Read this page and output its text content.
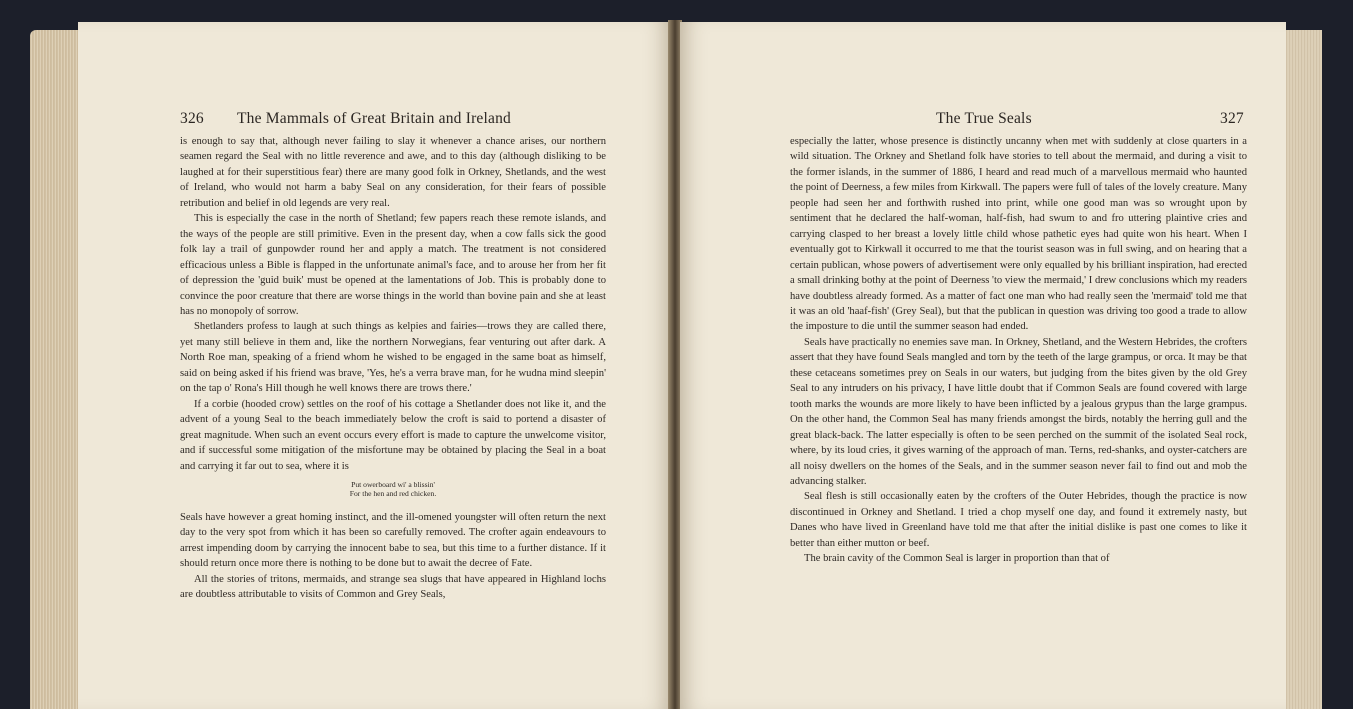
326 The Mammals of Great Britain and Ireland

is enough to say that, although never failing to slay it whenever a chance arises, our northern seamen regard the Seal with no little reverence and awe, and to this day (although disliking to be laughed at for their superstitious fear) there are many good folk in Orkney, Shetlands, and the west of Ireland, who would not harm a baby Seal on any consideration, for their fears of possible retribution and belief in old legends are very real.

This is especially the case in the north of Shetland; few papers reach these remote islands, and the ways of the people are still primitive. Even in the present day, when a cow falls sick the good folk lay a trail of gunpowder round her and apply a match. The treatment is not considered efficacious unless a Bible is flapped in the unfortunate animal's face, and to arouse her from her fit of depression the 'guid buik' must be opened at the lamentations of Job. This is probably done to convince the poor creature that there are worse things in the world than bovine pain and she at least has no monopoly of sorrow.

Shetlanders profess to laugh at such things as kelpies and fairies—trows they are called there, yet many still believe in them and, like the northern Norwegians, fear venturing out after dark. A North Roe man, speaking of a friend whom he wished to be engaged in the same boat as himself, said on being asked if his friend was brave, 'Yes, he's a verra brave man, for he wudna mind sleepin' on the tap o' Rona's Hill though he well knows there are trows there.'

If a corbie (hooded crow) settles on the roof of his cottage a Shetlander does not like it, and the advent of a young Seal to the beach immediately below the croft is said to portend a disaster of great magnitude. When such an event occurs every effort is made to capture the unwelcome visitor, and if successful some mitigation of the misfortune may be obtained by placing the Seal in a boat and carrying it far out to sea, where it is

Put owerboard wi' a blissin'
For the hen and red chicken.

Seals have however a great homing instinct, and the ill-omened youngster will often return the next day to the very spot from which it has been so carefully removed. The crofter again endeavours to arrest impending doom by carrying the innocent babe to sea, but this time to a further distance. If it should return once more there is nothing to be done but to await the decree of Fate.

All the stories of tritons, mermaids, and strange sea slugs that have appeared in Highland lochs are doubtless attributable to visits of Common and Grey Seals,

The True Seals	327

especially the latter, whose presence is distinctly uncanny when met with suddenly at close quarters in a wild situation. The Orkney and Shetland folk have stories to tell about the mermaid, and during a visit to the former islands, in the summer of 1886, I heard and read much of a marvellous mermaid who haunted the point of Deerness, a few miles from Kirkwall. The papers were full of tales of the lovely creature. Many people had seen her and forthwith rushed into print, while one good man was so wrought upon by sentiment that he declared the half-woman, half-fish, had swum to and fro uttering plaintive cries and carrying clasped to her breast a lovely little child whose pathetic eyes had quite won his heart. When I eventually got to Kirkwall it occurred to me that the tourist season was in full swing, and on hearing that a certain publican, whose powers of advertisement were only equalled by his brilliant inspiration, had erected a small drinking bothy at the point of Deerness 'to view the mermaid,' I drew conclusions which my readers have doubtless already formed. As a matter of fact one man who had really seen the 'mermaid' told me that it was an old 'haaf-fish' (Grey Seal), but that the publican in question was driving too good a trade to allow the imposture to die until the summer season had ended.

Seals have practically no enemies save man. In Orkney, Shetland, and the Western Hebrides, the crofters assert that they have found Seals mangled and torn by the teeth of the large grampus, or orca. It may be that these cetaceans sometimes prey on Seals in our waters, but judging from the bites given by the old Grey Seal to any intruders on his privacy, I have little doubt that if Common Seals are found covered with large tooth marks the wounds are more likely to have been inflicted by a jealous grypus than the large grampus. On the other hand, the Common Seal has many friends amongst the birds, notably the herring gull and the great black-back. The latter especially is often to be seen perched on the summit of the isolated Seal rock, where, by its loud cries, it gives warning of the approach of man. Terns, red-shanks, and oyster-catchers are all noisy dwellers on the homes of the Seals, and in the summer season never fail to find out and mob the advancing stalker.

Seal flesh is still occasionally eaten by the crofters of the Outer Hebrides, though the practice is now discontinued in Orkney and Shetland. I tried a chop myself one day, and found it extremely nasty, but Danes who have lived in Greenland have told me that after the initial dislike is past one comes to like it better than either mutton or beef.

The brain cavity of the Common Seal is larger in proportion than that of
